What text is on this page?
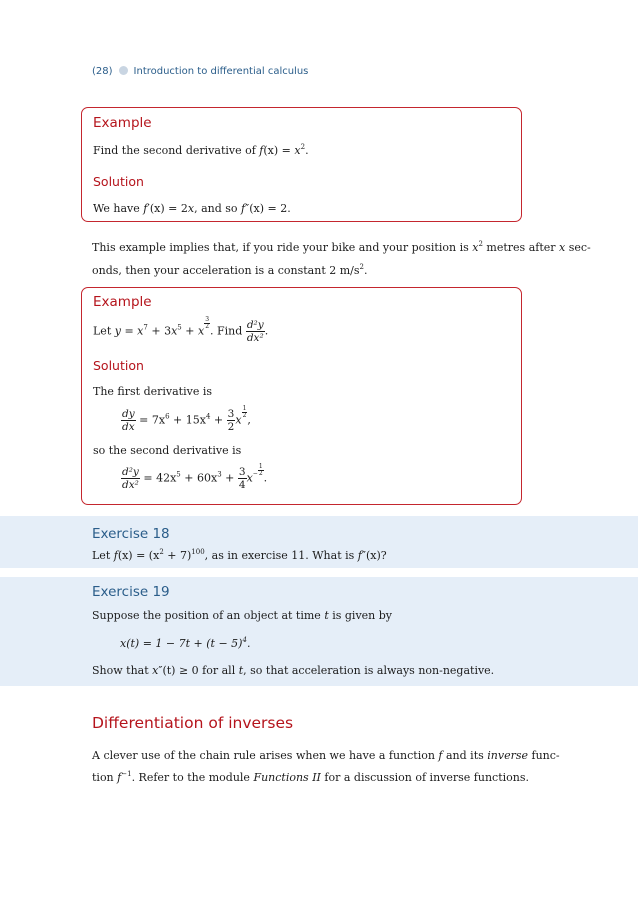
(28) Introduction to differential calculus
Example
Find the second derivative of $f(x) = x^2$.
Solution
We have f′(x) = 2x, and so f″(x) = 2.
This example implies that, if you ride your bike and your position is $x^2$ metres after x sec-
onds, then your acceleration is a constant 2 $m/s^2$.
Example
Let $y = x^7 + 3x^5 + x$
$\frac{3}{2}$
. Find $\frac{\text{d²y}}{\text{dx²}}$ .
Solution
The first derivative is
$\frac{dy}{dx} = 7x^6 + 15x^4 + \frac{3}{2}$ x
$\frac{1}{2}$
,
so the second derivative is
$\frac{\text{d²y}}{\text{dx²}} = 42x^5 + 60x^3 + \frac{3}{4} x^- \frac{1}{2}$
.
Exercise 18
Let $f(x) = (x^2 + 7)^{100}$, as in exercise 11. What is f″(x)?
Exercise 19
Suppose the position of an object at time t is given by
$x(t) = 1 - 7t + (t - 5)^4$.
Show that x″(t) ≥ 0 for all t, so that acceleration is always non-negative.
Differentiation of inverses
A clever use of the chain rule arises when we have a function f and its inverse func-
tion $f^{-1}$. Refer to the module Functions II for a discussion of inverse functions.
